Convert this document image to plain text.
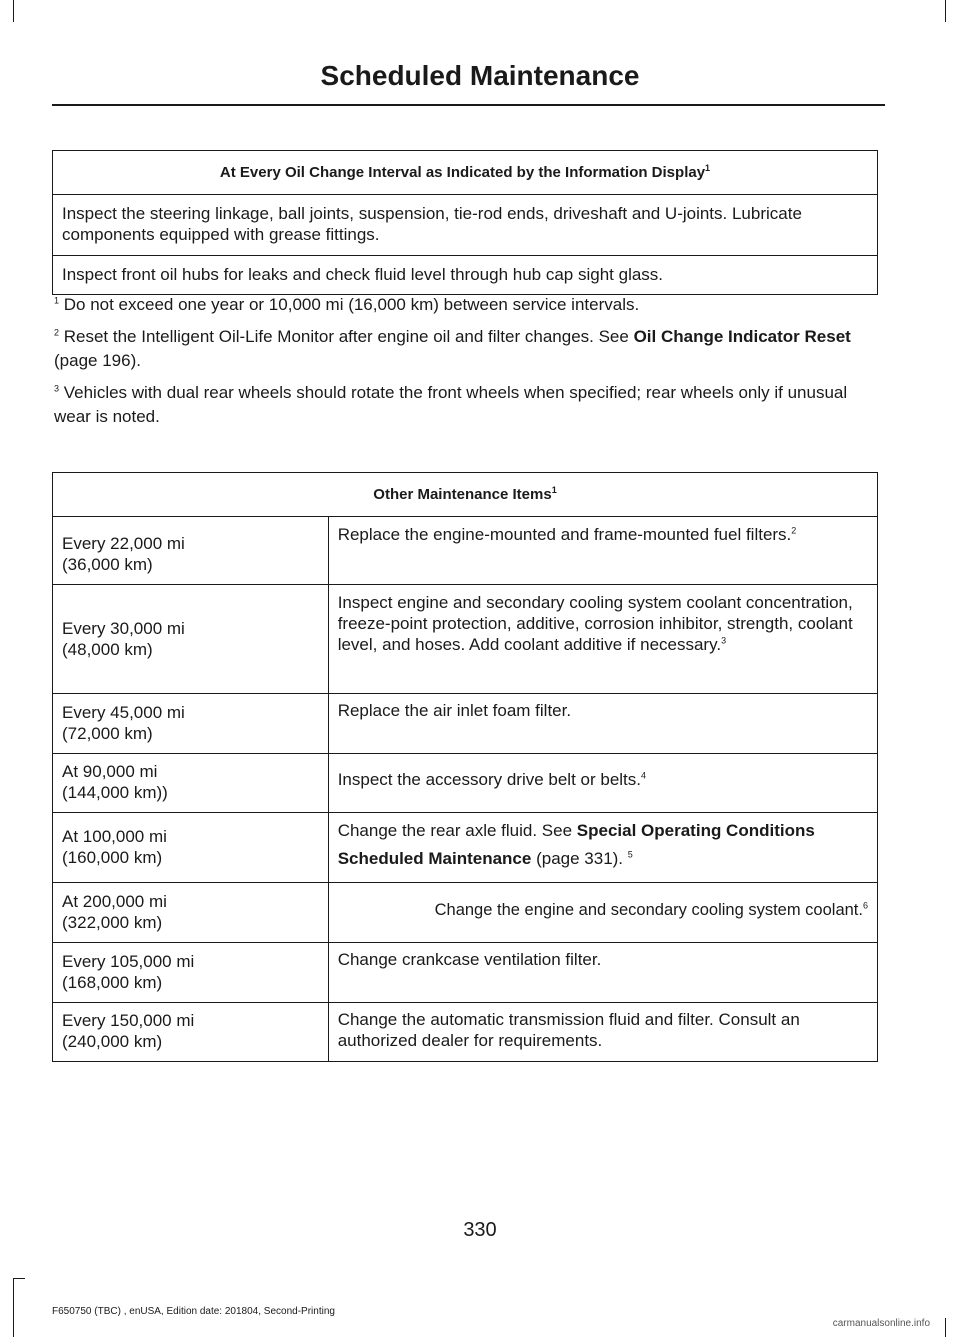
Scheduled Maintenance
At Every Oil Change Interval as Indicated by the Information Display$^1$
Inspect the steering linkage, ball joints, suspension, tie-rod ends, driveshaft and U-joints. Lubricate components equipped with grease fittings.
Inspect front oil hubs for leaks and check fluid level through hub cap sight glass.

$^1$ Do not exceed one year or 10,000 mi (16,000 km) between service intervals.

$^2$ Reset the Intelligent Oil-Life Monitor after engine oil and filter changes. See Oil Change Indicator Reset (page 196).

$^3$ Vehicles with dual rear wheels should rotate the front wheels when specified; rear wheels only if unusual wear is noted.

Other Maintenance Items$^1$

Every 22,000 mi
(36,000 km)	Replace the engine-mounted and frame-mounted fuel filters.$^2$

Every 30,000 mi
(48,000 km)	Inspect engine and secondary cooling system coolant concentration, freeze-point protection, additive, corrosion inhibitor, strength, coolant level, and hoses. Add coolant additive if necessary.$^3$

Every 45,000 mi
(72,000 km)	Replace the air inlet foam filter.

At 90,000 mi
(144,000 km))	Inspect the accessory drive belt or belts.$^4$

At 100,000 mi
(160,000 km)	Change the rear axle fluid. See Special Operating Conditions Scheduled Maintenance (page 331). $^5$

At 200,000 mi
(322,000 km)	Change the engine and secondary cooling system coolant.$^6$

Every 105,000 mi
(168,000 km)	Change crankcase ventilation filter.

Every 150,000 mi
(240,000 km)	Change the automatic transmission fluid and filter. Consult an authorized dealer for requirements.
330
F650750 (TBC) , enUSA, Edition date: 201804, Second-Printing
carmanualsonline.info
